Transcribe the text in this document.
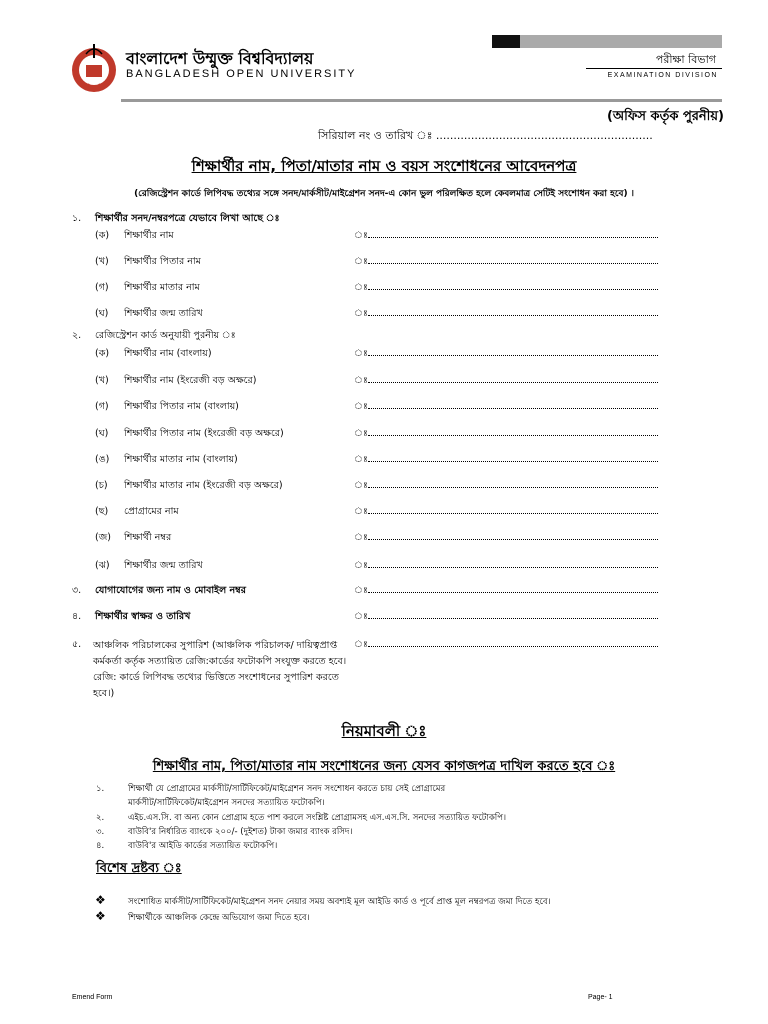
বাংলাদেশ উম্মুক্ত বিশ্ববিদ্যালয়
BANGLADESH OPEN UNIVERSITY
পরীক্ষা বিভাগ
EXAMINATION DIVISION
(অফিস কর্তৃক পুরনীয়)
সিরিয়াল নং ও তারিখ ঃ ..............................................................
শিক্ষার্থীর নাম, পিতা/মাতার নাম ও বয়স সংশোধনের আবেদনপত্র
(রেজিস্ট্রেশন কার্ডে লিপিবদ্ধ তথ্যের সঙ্গে সনদ/মার্কসীট/মাইগ্রেশন সনদ-এ কোন ভুল পরিলক্ষিত হলে কেবলমাত্র সেটিই সংশোধন করা হবে) ।
১. শিক্ষার্থীর সনদ/নম্বরপত্রে যেভাবে লিখা আছে ঃ
(ক) শিক্ষার্থীর নাম	ঃ
(খ) শিক্ষার্থীর পিতার নাম	ঃ
(গ) শিক্ষার্থীর মাতার নাম	ঃ
(ঘ) শিক্ষার্থীর জন্ম তারিখ	ঃ
২. রেজিস্ট্রেশন কার্ড অনুযায়ী পুরনীয় ঃ
(ক) শিক্ষার্থীর নাম (বাংলায়)	ঃ
(খ) শিক্ষার্থীর নাম (ইংরেজী বড় অক্ষরে)	ঃ
(গ) শিক্ষার্থীর পিতার নাম (বাংলায়)	ঃ
(ঘ) শিক্ষার্থীর পিতার নাম (ইংরেজী বড় অক্ষরে)	ঃ
(ঙ) শিক্ষার্থীর মাতার নাম (বাংলায়)	ঃ
(চ) শিক্ষার্থীর মাতার নাম (ইংরেজী বড় অক্ষরে)	ঃ
(ছ) প্রোগ্রামের নাম	ঃ
(জ) শিক্ষার্থী নম্বর	ঃ
(ঝ) শিক্ষার্থীর জন্ম তারিখ	ঃ
৩. যোগাযোগের জন্য নাম ও মোবাইল নম্বর	ঃ
৪. শিক্ষার্থীর স্বাক্ষর ও তারিখ	ঃ
৫.	ঃ
আঞ্চলিক পরিচালকের সুপারিশ (আঞ্চলিক পরিচালক/ দায়িত্বপ্রাপ্ত কর্মকর্তা কর্তৃক সত্যায়িত রেজি:কার্ডের ফটোকপি সংযুক্ত করতে হবে। রেজি: কার্ডে লিপিবদ্ধ তথ্যের ভিত্তিতে সংশোধনের সুপারিশ করতে হবে।)
নিয়মাবলী ঃ
শিক্ষার্থীর নাম, পিতা/মাতার নাম সংশোধনের জন্য যেসব কাগজপত্র দাখিল করতে হবে ঃ
১.	শিক্ষার্থী যে প্রোগ্রামের মার্কসীট/সার্টিফিকেট/মাইগ্রেশন সনদ সংশোধন করতে চায় সেই প্রোগ্রামের
মার্কসীট/সার্টিফিকেট/মাইগ্রেশন সনদের সত্যায়িত ফটোকপি।
২.	এইচ.এস.সি. বা অন্য কোন প্রোগ্রাম হতে পাশ করলে সংশ্লিষ্ট প্রোগ্রামসহ এস.এস.সি. সনদের সত্যায়িত ফটোকপি।
৩.	বাউবি'র নির্ধারিত ব্যাংকে ২০০/- (দুইশত) টাকা জমার ব্যাংক রসিদ।
৪.	বাউবি'র আইডি কার্ডের সত্যায়িত ফটোকপি।
বিশেষ দ্রষ্টব্য ঃ
❖	সংশোধিত মার্কসীট/সার্টিফিকেট/মাইগ্রেশন সনদ নেয়ার সময় অবশ্যই মূল আইডি কার্ড ও পূর্বে প্রাপ্ত মূল নম্বরপত্র জমা দিতে হবে।
❖	শিক্ষার্থীকে আঞ্চলিক কেন্দ্রে অভিযোগ জমা দিতে হবে।
Emend Form	Page- 1
